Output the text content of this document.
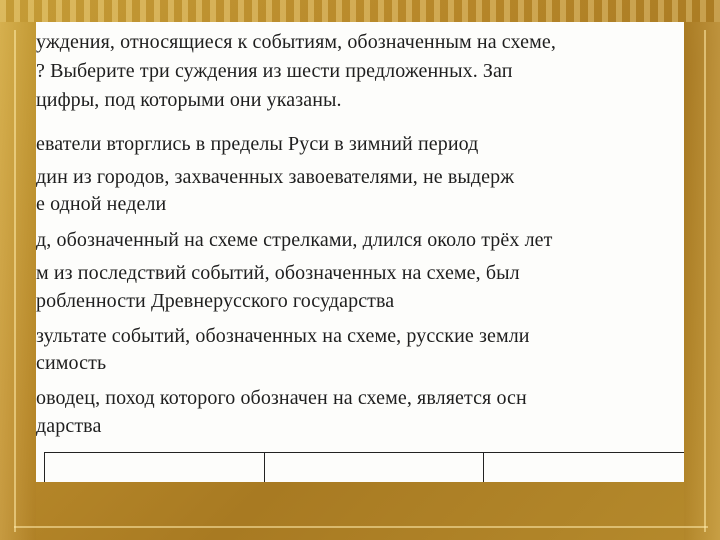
уждения, относящиеся к событиям, обозначенным на схеме,
? Выберите три суждения из шести предложенных. Зап
цифры, под которыми они указаны.
еватели вторглись в пределы Руси в зимний период
дин из городов, захваченных завоевателями, не выдерж
е одной недели
д, обозначенный на схеме стрелками, длился около трёх лет
м из последствий событий, обозначенных на схеме, был
робленности Древнерусского государства
зультате событий, обозначенных на схеме, русские земли
симость
оводец, поход которого обозначен на схеме, является осн
дарства
